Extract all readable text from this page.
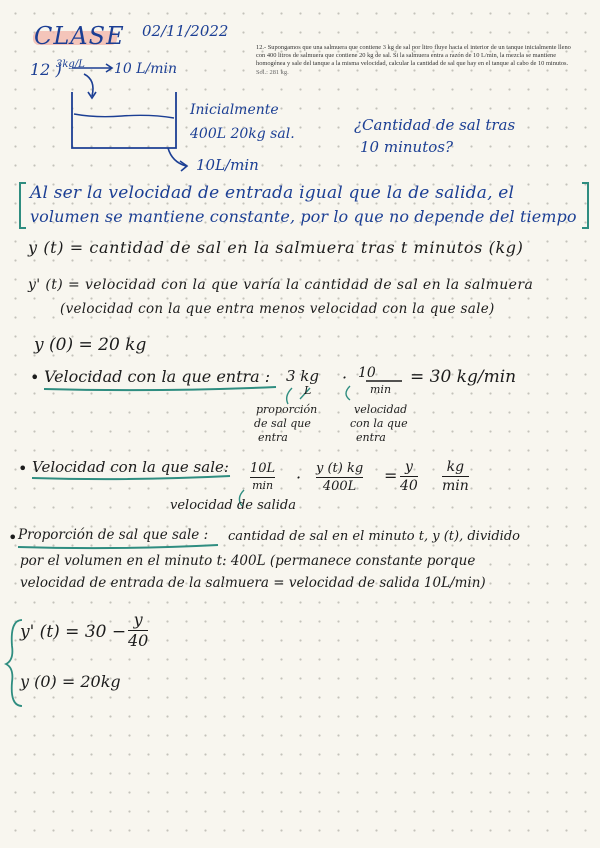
CLASE 02/11/2022
12.- Supongamos que una salmuera que contiene 3 kg de sal por litro fluye hacia el interior de un tanque inicialmente lleno con 400 litros de salmuera que contiene 20 kg de sal. Si la salmuera entra a razón de 10 L/min, la mezcla se mantiene homogénea y sale del tanque a la misma velocidad, calcular la cantidad de sal que hay en el tanque al cabo de 10 minutos. Sol.: 281 kg.
12 )
3kg/L 10 L/min
Inicialmente
400L 20kg sal.
10L/min
¿Cantidad de sal tras
10 minutos?
Al ser la velocidad de entrada igual que la de salida, el
volumen se mantiene constante, por lo que no depende del tiempo
y (t) = cantidad de sal en la salmuera tras t minutos (kg)
y' (t) = velocidad con la que varía la cantidad de sal en la salmuera
(velocidad con la que entra menos velocidad con la que sale)
y (0) = 20 kg
• Velocidad con la que entra : 3 kg
L
· 10
min
= 30 kg/min
proporción
de sal que
entra
velocidad
con la que
entra
• Velocidad con la que sale: 10L
min · y (t) kg
400L
= y
40
kg
min
velocidad de salida
• Proporción de sal que sale : cantidad de sal en el minuto t, y (t), dividido
por el volumen en el minuto t: 400L (permanece constante porque
velocidad de entrada de la salmuera = velocidad de salida 10L/min)
y' (t) = 30 −
y
40
y (0) = 20kg
